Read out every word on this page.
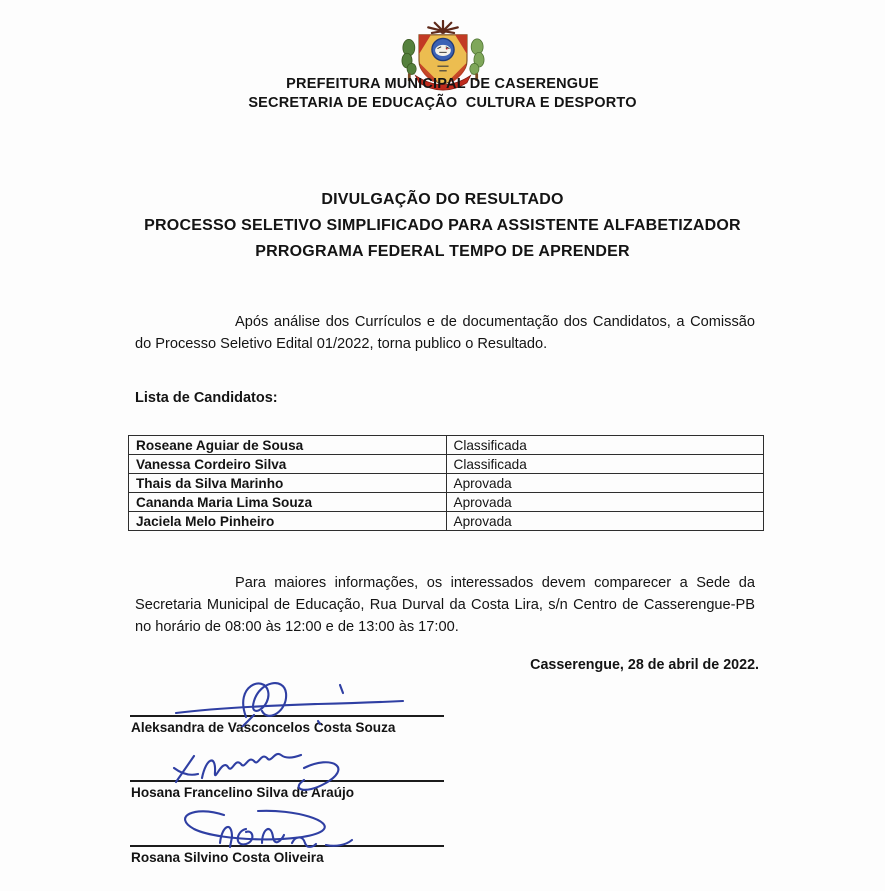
PREFEITURA MUNICIPAL DE CASERENGUE
SECRETARIA DE EDUCAÇÃO  CULTURA E DESPORTO
DIVULGAÇÃO DO RESULTADO
PROCESSO SELETIVO SIMPLIFICADO PARA ASSISTENTE ALFABETIZADOR
PRROGRAMA FEDERAL TEMPO DE APRENDER

Após análise dos Currículos e de documentação dos Candidatos, a Comissão do Processo Seletivo Edital 01/2022, torna publico o Resultado.

Lista de Candidatos:
Roseane Aguiar de Sousa	Classificada
Vanessa Cordeiro Silva	Classificada
Thais da Silva Marinho	Aprovada
Cananda Maria Lima Souza	Aprovada
Jaciela Melo Pinheiro	Aprovada

Para maiores informações, os interessados devem comparecer a Sede da Secretaria Municipal de Educação, Rua Durval da Costa Lira, s/n Centro de Casserengue-PB no horário de 08:00 às 12:00 e de 13:00 às 17:00.

Casserengue, 28 de abril de 2022.
Aleksandra de Vasconcelos Costa Souza
Hosana Francelino Silva de Araújo
Rosana Silvino Costa Oliveira
